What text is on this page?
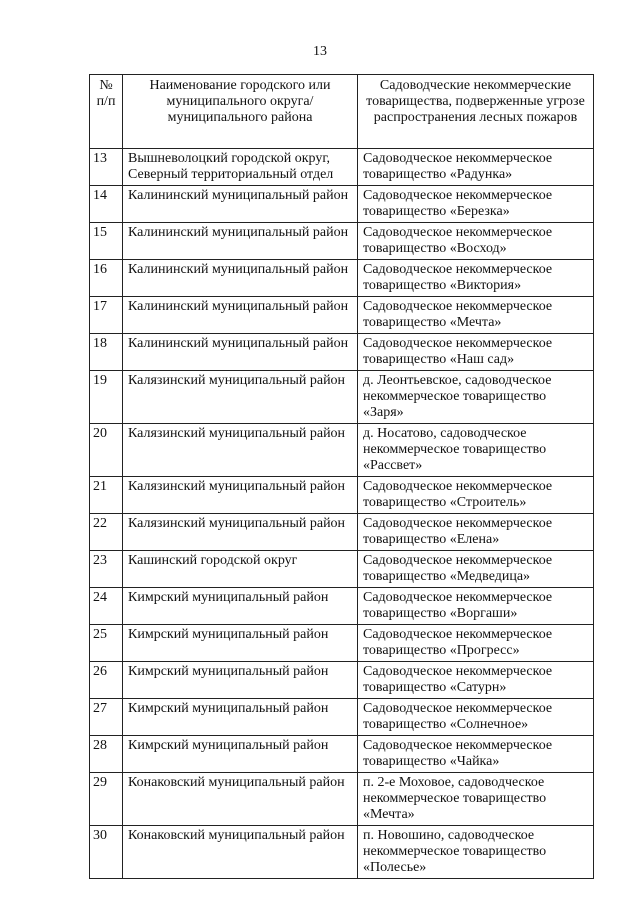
13
№ п/п	Наименование городского или муниципального округа/муниципального района	Садоводческие некоммерческие товарищества, подверженные угрозе распространения лесных пожаров
13	Вышневолоцкий городской округ, Северный территориальный отдел	Садоводческое некоммерческое товарищество «Радунка»
14	Калининский муниципальный район	Садоводческое некоммерческое товарищество «Березка»
15	Калининский муниципальный район	Садоводческое некоммерческое товарищество «Восход»
16	Калининский муниципальный район	Садоводческое некоммерческое товарищество «Виктория»
17	Калининский муниципальный район	Садоводческое некоммерческое товарищество «Мечта»
18	Калининский муниципальный район	Садоводческое некоммерческое товарищество «Наш сад»
19	Калязинский муниципальный район	д. Леонтьевское, садоводческое некоммерческое товарищество «Заря»
20	Калязинский муниципальный район	д. Носатово, садоводческое некоммерческое товарищество «Рассвет»
21	Калязинский муниципальный район	Садоводческое некоммерческое товарищество «Строитель»
22	Калязинский муниципальный район	Садоводческое некоммерческое товарищество «Елена»
23	Кашинский городской округ	Садоводческое некоммерческое товарищество «Медведица»
24	Кимрский муниципальный район	Садоводческое некоммерческое товарищество «Воргаши»
25	Кимрский муниципальный район	Садоводческое некоммерческое товарищество «Прогресс»
26	Кимрский муниципальный район	Садоводческое некоммерческое товарищество «Сатурн»
27	Кимрский муниципальный район	Садоводческое некоммерческое товарищество «Солнечное»
28	Кимрский муниципальный район	Садоводческое некоммерческое товарищество «Чайка»
29	Конаковский муниципальный район	п. 2-е Моховое, садоводческое некоммерческое товарищество «Мечта»
30	Конаковский муниципальный район	п. Новошино, садоводческое некоммерческое товарищество «Полесье»
